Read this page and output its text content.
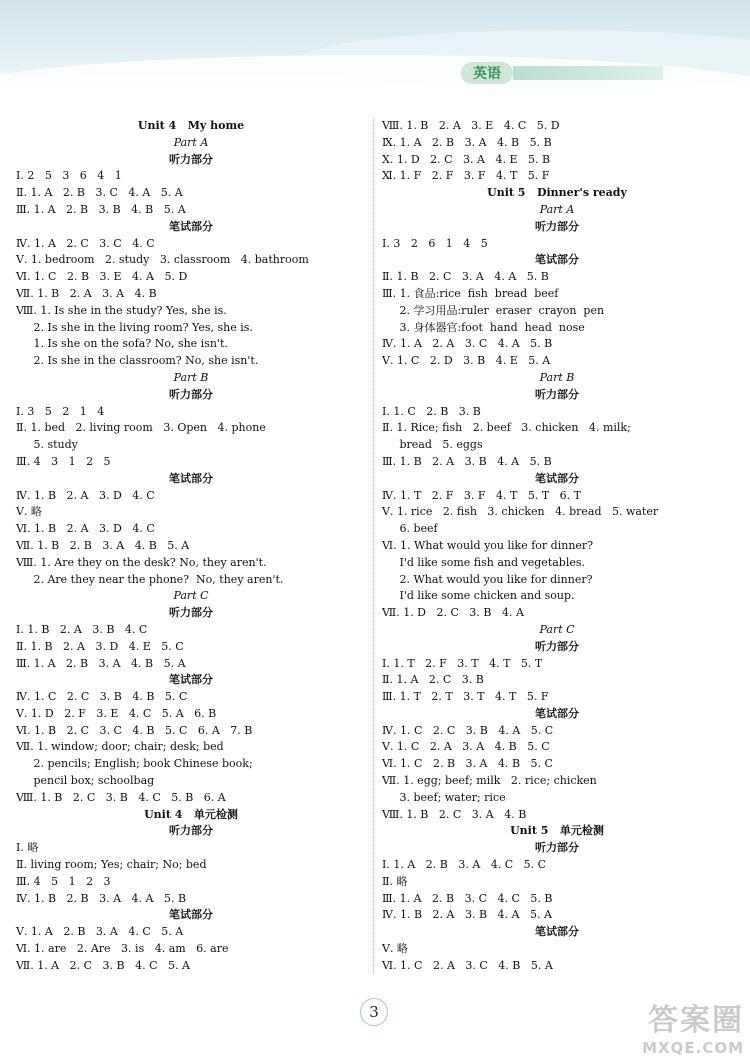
英语
Unit 4   My home
Part A
听力部分
Ⅰ. 2   5   3   6   4   1
Ⅱ. 1. A   2. B   3. C   4. A   5. A
Ⅲ. 1. A   2. B   3. B   4. B   5. A
笔试部分
Ⅳ. 1. A   2. C   3. C   4. C
Ⅴ. 1. bedroom   2. study   3. classroom   4. bathroom
Ⅵ. 1. C   2. B   3. E   4. A   5. D
Ⅶ. 1. B   2. A   3. A   4. B
Ⅷ. 1. Is she in the study? Yes, she is.
2. Is she in the living room? Yes, she is.
1. Is she on the sofa? No, she isn't.
2. Is she in the classroom? No, she isn't.
Part B
听力部分
Ⅰ. 3   5   2   1   4
Ⅱ. 1. bed   2. living room   3. Open   4. phone
5. study
Ⅲ. 4   3   1   2   5
笔试部分
Ⅳ. 1. B   2. A   3. D   4. C
Ⅴ. 略
Ⅵ. 1. B   2. A   3. D   4. C
Ⅶ. 1. B   2. B   3. A   4. B   5. A
Ⅷ. 1. Are they on the desk? No, they aren't.
2. Are they near the phone?  No, they aren't.
Part C
听力部分
Ⅰ. 1. B   2. A   3. B   4. C
Ⅱ. 1. B   2. A   3. D   4. E   5. C
Ⅲ. 1. A   2. B   3. A   4. B   5. A
笔试部分
Ⅳ. 1. C   2. C   3. B   4. B   5. C
Ⅴ. 1. D   2. F   3. E   4. C   5. A   6. B
Ⅵ. 1. B   2. C   3. C   4. B   5. C   6. A   7. B
Ⅶ. 1. window; door; chair; desk; bed
2. pencils; English; book Chinese book;
pencil box; schoolbag
Ⅷ. 1. B   2. C   3. B   4. C   5. B   6. A
Unit 4   单元检测
听力部分
Ⅰ. 略
Ⅱ. living room; Yes; chair; No; bed
Ⅲ. 4   5   1   2   3
Ⅳ. 1. B   2. B   3. A   4. A   5. B
笔试部分
Ⅴ. 1. A   2. B   3. A   4. C   5. A
Ⅵ. 1. are   2. Are   3. is   4. am   6. are
Ⅶ. 1. A   2. C   3. B   4. C   5. A
Ⅷ. 1. B   2. A   3. E   4. C   5. D
Ⅸ. 1. A   2. B   3. A   4. B   5. B
Ⅹ. 1. D   2. C   3. A   4. E   5. B
Ⅺ. 1. F   2. F   3. F   4. T   5. F
Unit 5   Dinner's ready
Part A
听力部分
Ⅰ. 3   2   6   1   4   5
笔试部分
Ⅱ. 1. B   2. C   3. A   4. A   5. B
Ⅲ. 1. 食品:rice  fish  bread  beef
2. 学习用品:ruler  eraser  crayon  pen
3. 身体器官:foot  hand  head  nose
Ⅳ. 1. A   2. A   3. C   4. A   5. B
Ⅴ. 1. C   2. D   3. B   4. E   5. A
Part B
听力部分
Ⅰ. 1. C   2. B   3. B
Ⅱ. 1. Rice; fish   2. beef   3. chicken   4. milk;
bread   5. eggs
Ⅲ. 1. B   2. A   3. B   4. A   5. B
笔试部分
Ⅳ. 1. T   2. F   3. F   4. T   5. T   6. T
Ⅴ. 1. rice   2. fish   3. chicken   4. bread   5. water
6. beef
Ⅵ. 1. What would you like for dinner?
I'd like some fish and vegetables.
2. What would you like for dinner?
I'd like some chicken and soup.
Ⅶ. 1. D   2. C   3. B   4. A
Part C
听力部分
Ⅰ. 1. T   2. F   3. T   4. T   5. T
Ⅱ. 1. A   2. C   3. B
Ⅲ. 1. T   2. T   3. T   4. T   5. F
笔试部分
Ⅳ. 1. C   2. C   3. B   4. A   5. C
Ⅴ. 1. C   2. A   3. A   4. B   5. C
Ⅵ. 1. C   2. B   3. A   4. B   5. C
Ⅶ. 1. egg; beef; milk   2. rice; chicken
3. beef; water; rice
Ⅷ. 1. B   2. C   3. A   4. B
Unit 5   单元检测
听力部分
Ⅰ. 1. A   2. B   3. A   4. C   5. C
Ⅱ. 略
Ⅲ. 1. A   2. B   3. C   4. C   5. B
Ⅳ. 1. B   2. A   3. B   4. A   5. A
笔试部分
Ⅴ. 略
Ⅵ. 1. C   2. A   3. C   4. B   5. A
3	答案圈
MXQE.COM
